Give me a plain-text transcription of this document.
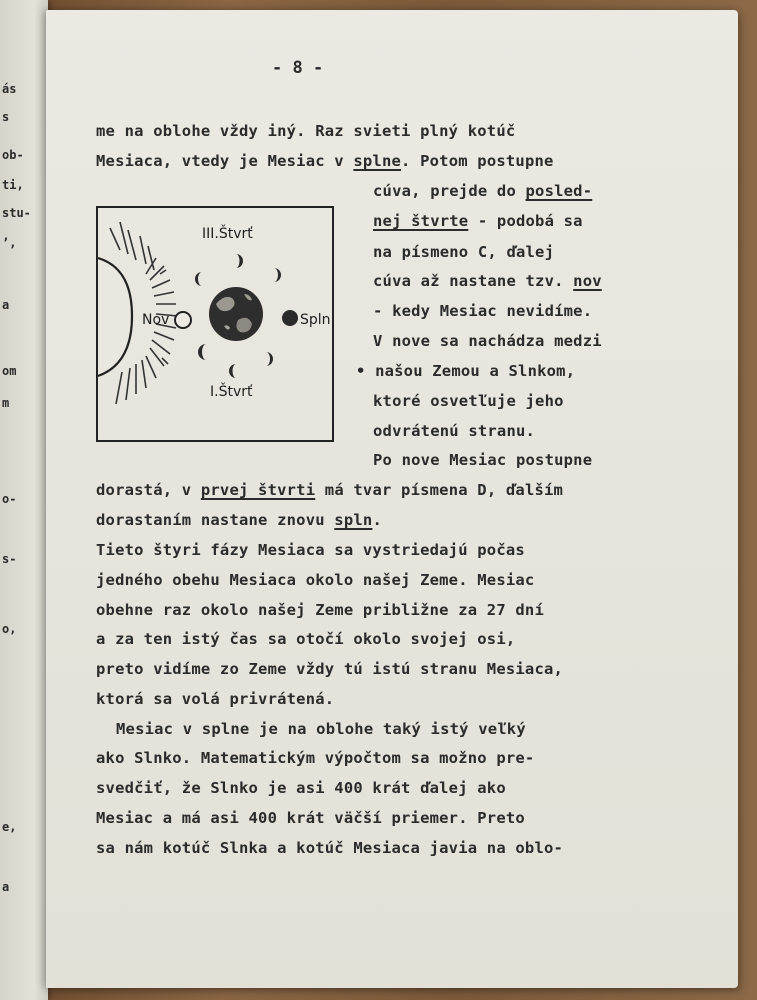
ás
s
ob-
ti,
stu-
ʼ,
a
om
m
o-
s-
o,
e,
a
- 8 -
me na oblohe vždy iný. Raz svieti plný kotúč
Mesiaca, vtedy je Mesiac v splne. Potom postupne
cúva, prejde do posled-
nej štvrte - podobá sa
na písmeno C, ďalej
cúva až nastane tzv. nov
- kedy Mesiac nevidíme.
V nove sa nachádza medzi
• našou Zemou a Slnkom,
ktoré osvetľuje jeho
odvrátenú stranu.
Po nove Mesiac postupne
dorastá, v prvej štvrti má tvar písmena D, ďalším
dorastaním nastane znovu spln.
Tieto štyri fázy Mesiaca sa vystriedajú počas
jedného obehu Mesiaca okolo našej Zeme. Mesiac
obehne raz okolo našej Zeme približne za 27 dní
a za ten istý čas sa otočí okolo svojej osi,
preto vidíme zo Zeme vždy tú istú stranu Mesiaca,
ktorá sa volá privrátená.
Mesiac v splne je na oblohe taký istý veľký
ako Slnko. Matematickým výpočtom sa možno pre-
svedčiť, že Slnko je asi 400 krát ďalej ako
Mesiac a má asi 400 krát väčší priemer. Preto
sa nám kotúč Slnka a kotúč Mesiaca javia na oblo-
III.Štvrť
Nov	Spln
I.Štvrť
